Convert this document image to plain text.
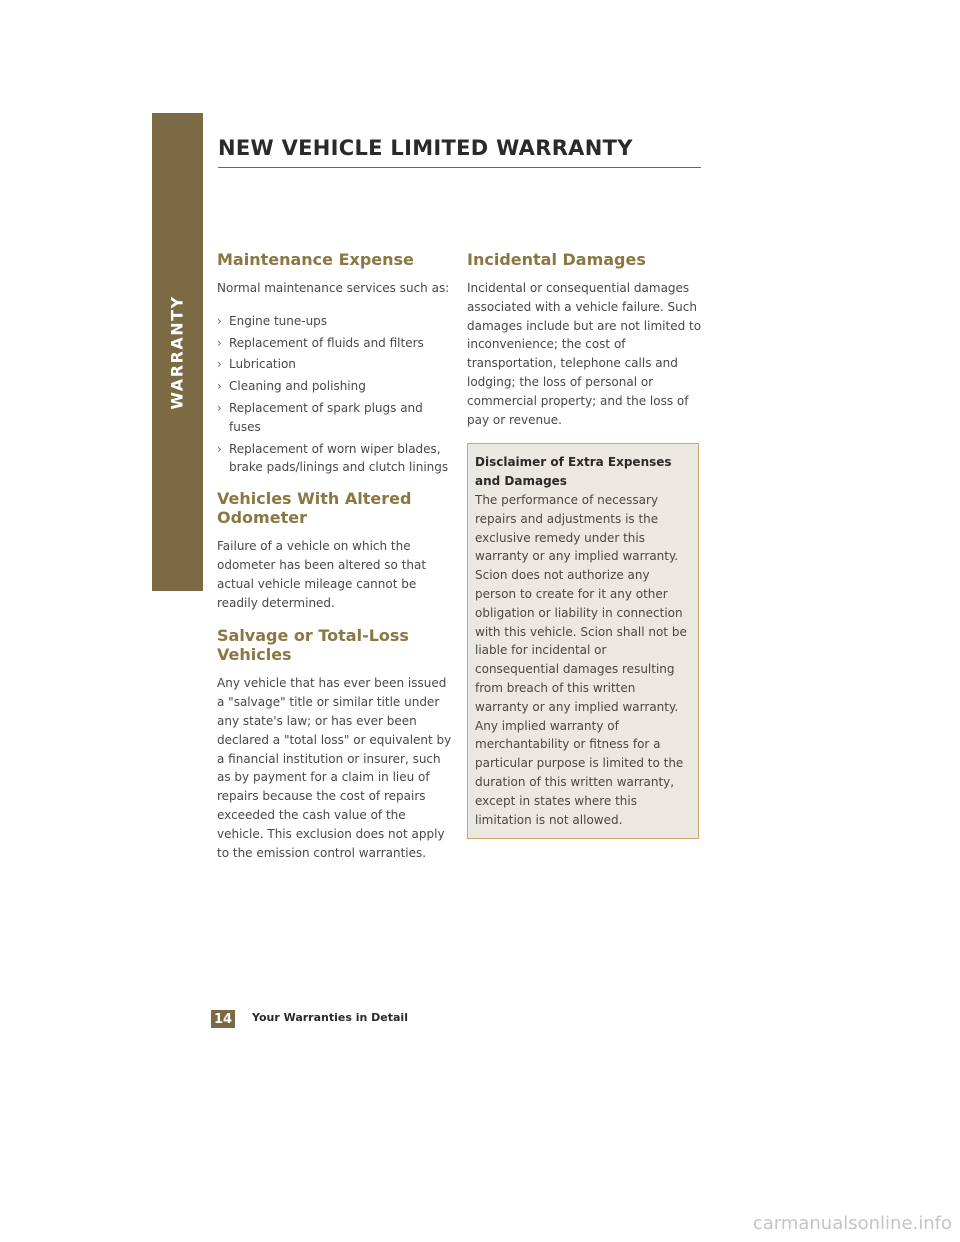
WARRANTY
NEW VEHICLE LIMITED WARRANTY
Maintenance Expense

Normal maintenance services such as:

› Engine tune-ups
› Replacement of fluids and filters
› Lubrication
› Cleaning and polishing
› Replacement of spark plugs and fuses
› Replacement of worn wiper blades, brake pads/linings and clutch linings
Vehicles With Altered Odometer

Failure of a vehicle on which the odometer has been altered so that actual vehicle mileage cannot be readily determined.

Salvage or Total-Loss Vehicles

Any vehicle that has ever been issued a "salvage" title or similar title under any state's law; or has ever been declared a "total loss" or equivalent by a financial institution or insurer, such as by payment for a claim in lieu of repairs because the cost of repairs exceeded the cash value of the vehicle. This exclusion does not apply to the emission control warranties.

Incidental Damages

Incidental or consequential damages associated with a vehicle failure. Such damages include but are not limited to inconvenience; the cost of transportation, telephone calls and lodging; the loss of personal or commercial property; and the loss of pay or revenue.

Disclaimer of Extra Expenses and Damages
The performance of necessary repairs and adjustments is the exclusive remedy under this warranty or any implied warranty. Scion does not authorize any person to create for it any other obligation or liability in connection with this vehicle. Scion shall not be liable for incidental or consequential damages resulting from breach of this written warranty or any implied warranty. Any implied warranty of merchantability or fitness for a particular purpose is limited to the duration of this written warranty, except in states where this limitation is not allowed.
14 Your Warranties in Detail
carmanualsonline.info
